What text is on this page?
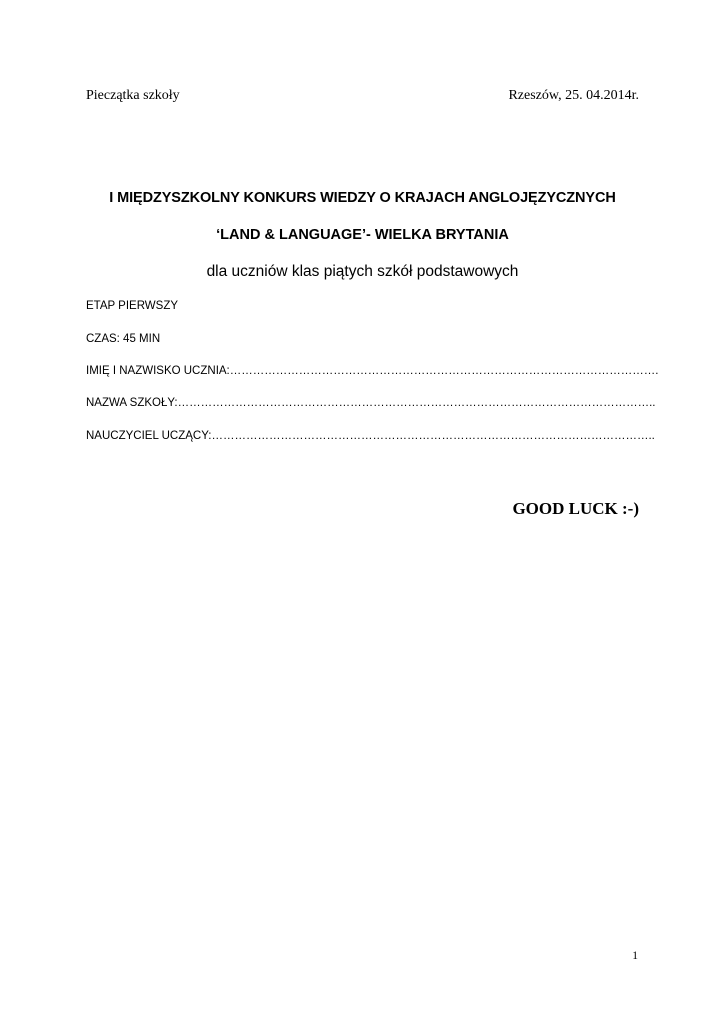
Pieczątka szkoły	Rzeszów, 25. 04.2014r.
I MIĘDZYSZKOLNY KONKURS WIEDZY O KRAJACH ANGLOJĘZYCZNYCH
‘LAND & LANGUAGE’- WIELKA BRYTANIA
dla uczniów klas piątych szkół podstawowych
ETAP PIERWSZY
CZAS: 45 MIN
IMIĘ I NAZWISKO UCZNIA:………………………………………………………………………………………………….
NAZWA SZKOŁY:……………………………………………………………………………………………………………..
NAUCZYCIEL UCZĄCY:……………………………………………………………………………………………………..
GOOD LUCK :-)
1
